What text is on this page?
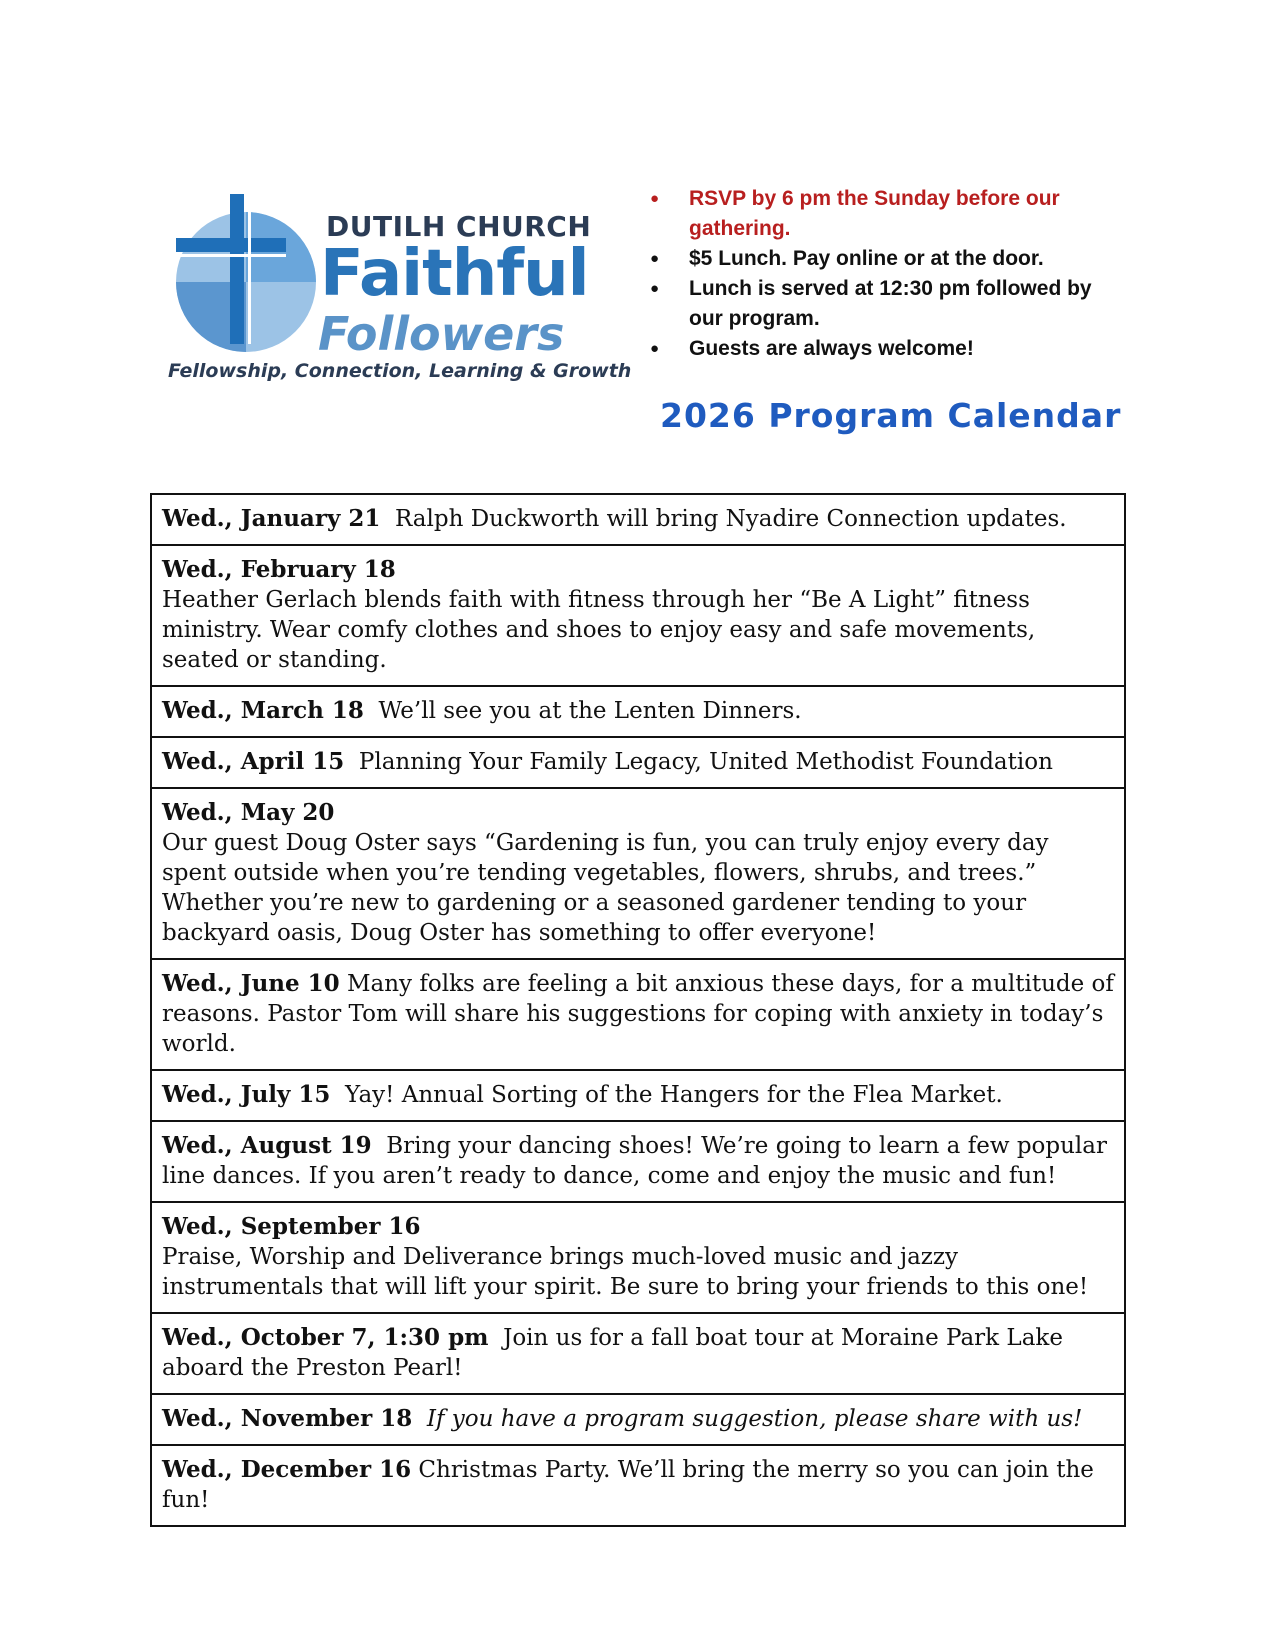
DUTILH CHURCH
Faithful
Followers
Fellowship, Connection, Learning & Growth
● RSVP by 6 pm the Sunday before our gathering.
● $5 Lunch. Pay online or at the door.
● Lunch is served at 12:30 pm followed by our program.
● Guests are always welcome!
2026 Program Calendar
Wed., January 21 Ralph Duckworth will bring Nyadire Connection updates.
Wed., February 18
Heather Gerlach blends faith with fitness through her “Be A Light” fitness ministry. Wear comfy clothes and shoes to enjoy easy and safe movements, seated or standing.
Wed., March 18 We’ll see you at the Lenten Dinners.
Wed., April 15 Planning Your Family Legacy, United Methodist Foundation
Wed., May 20
Our guest Doug Oster says “Gardening is fun, you can truly enjoy every day spent outside when you’re tending vegetables, flowers, shrubs, and trees.” Whether you’re new to gardening or a seasoned gardener tending to your backyard oasis, Doug Oster has something to offer everyone!
Wed., June 10 Many folks are feeling a bit anxious these days, for a multitude of reasons. Pastor Tom will share his suggestions for coping with anxiety in today’s world.
Wed., July 15 Yay! Annual Sorting of the Hangers for the Flea Market.
Wed., August 19 Bring your dancing shoes! We’re going to learn a few popular line dances. If you aren’t ready to dance, come and enjoy the music and fun!
Wed., September 16
Praise, Worship and Deliverance brings much-loved music and jazzy instrumentals that will lift your spirit. Be sure to bring your friends to this one!
Wed., October 7, 1:30 pm Join us for a fall boat tour at Moraine Park Lake aboard the Preston Pearl!
Wed., November 18 If you have a program suggestion, please share with us!
Wed., December 16 Christmas Party. We’ll bring the merry so you can join the fun!
